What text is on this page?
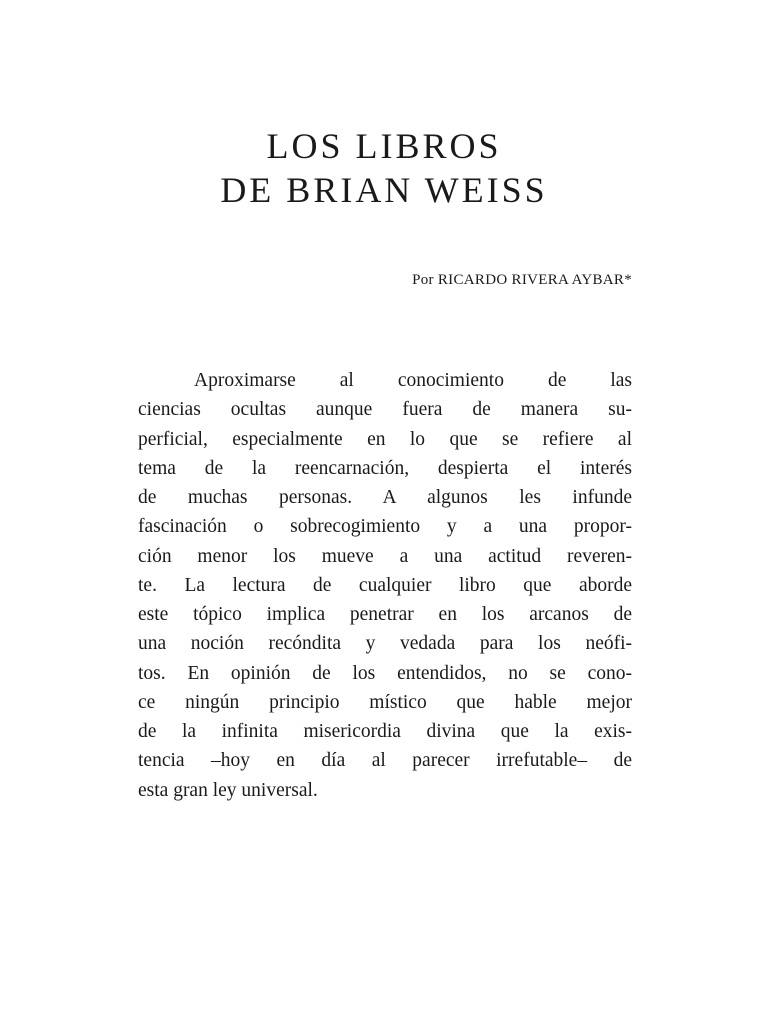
LOS LIBROS
DE BRIAN WEISS
Por RICARDO RIVERA AYBAR*
Aproximarse al conocimiento de las
ciencias ocultas aunque fuera de manera su-
perficial, especialmente en lo que se refiere al
tema de la reencarnación, despierta el interés
de muchas personas. A algunos les infunde
fascinación o sobrecogimiento y a una propor-
ción menor los mueve a una actitud reveren-
te. La lectura de cualquier libro que aborde
este tópico implica penetrar en los arcanos de
una noción recóndita y vedada para los neófi-
tos. En opinión de los entendidos, no se cono-
ce ningún principio místico que hable mejor
de la infinita misericordia divina que la exis-
tencia –hoy en día al parecer irrefutable– de
esta gran ley universal.
